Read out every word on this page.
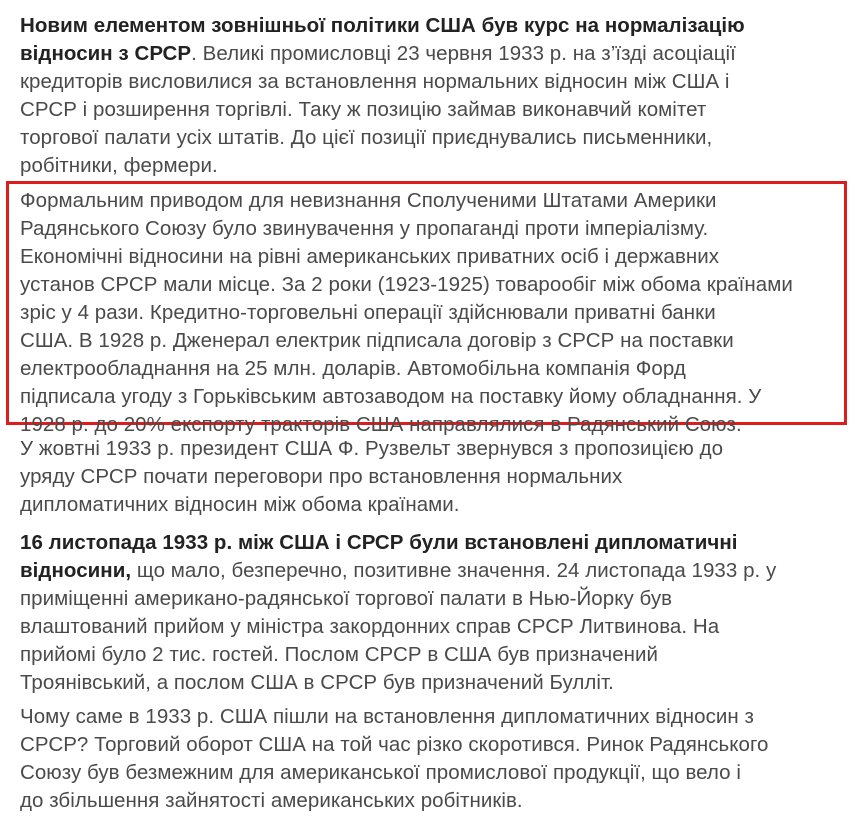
Новим елементом зовнішньої політики США був курс на нормалізацію
відносин з СРСР. Великі промисловці 23 червня 1933 р. на з’їзді асоціації
кредиторів висловилися за встановлення нормальних відносин між США і
СРСР і розширення торгівлі. Таку ж позицію займав виконавчий комітет
торгової палати усіх штатів. До цієї позиції приєднувались письменники,
робітники, фермери.
Формальним приводом для невизнання Сполученими Штатами Америки
Радянського Союзу було звинувачення у пропаганді проти імперіалізму.
Економічні відносини на рівні американських приватних осіб і державних
установ СРСР мали місце. За 2 роки (1923-1925) товарообіг між обома країнами
зріс у 4 рази. Кредитно-торговельні операції здійснювали приватні банки
США. В 1928 р. Дженерал електрик підписала договір з СРСР на поставки
електрообладнання на 25 млн. доларів. Автомобільна компанія Форд
підписала угоду з Горьківським автозаводом на поставку йому обладнання. У
1928 р. до 20% експорту тракторів США направлялися в Радянський Союз.
У жовтні 1933 р. президент США Ф. Рузвельт звернувся з пропозицією до
уряду СРСР почати переговори про встановлення нормальних
дипломатичних відносин між обома країнами.
16 листопада 1933 р. між США і СРСР були встановлені дипломатичні
відносини, що мало, безперечно, позитивне значення. 24 листопада 1933 р. у
приміщенні американо-радянської торгової палати в Нью-Йорку був
влаштований прийом у міністра закордонних справ СРСР Литвинова. На
прийомі було 2 тис. гостей. Послом СРСР в США був призначений
Троянівський, а послом США в СРСР був призначений Булліт.
Чому саме в 1933 р. США пішли на встановлення дипломатичних відносин з
СРСР? Торговий оборот США на той час різко скоротився. Ринок Радянського
Союзу був безмежним для американської промислової продукції, що вело і
до збільшення зайнятості американських робітників.
